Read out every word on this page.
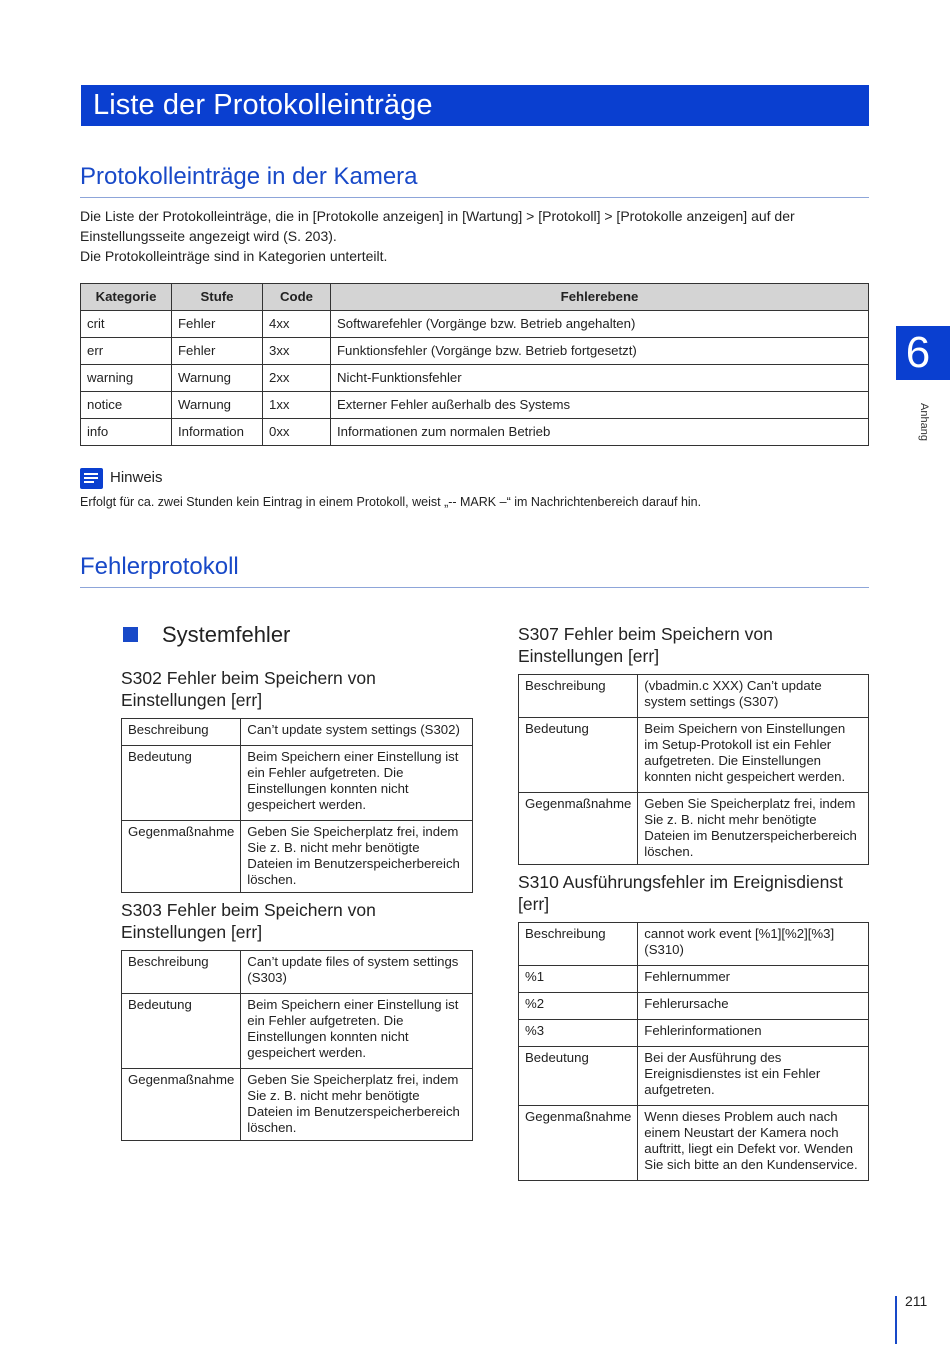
Liste der Protokolleinträge
Protokolleinträge in der Kamera
Die Liste der Protokolleinträge, die in [Protokolle anzeigen] in [Wartung] > [Protokoll] > [Protokolle anzeigen] auf der
Einstellungsseite angezeigt wird (S. 203).
Die Protokolleinträge sind in Kategorien unterteilt.
Kategorie	Stufe	Code	Fehlerebene
crit	Fehler	4xx	Softwarefehler (Vorgänge bzw. Betrieb angehalten)
err	Fehler	3xx	Funktionsfehler (Vorgänge bzw. Betrieb fortgesetzt)
warning	Warnung	2xx	Nicht-Funktionsfehler
notice	Warnung	1xx	Externer Fehler außerhalb des Systems
info	Information	0xx	Informationen zum normalen Betrieb
6
Anhang
Hinweis
Erfolgt für ca. zwei Stunden kein Eintrag in einem Protokoll, weist „-- MARK –“ im Nachrichtenbereich darauf hin.
Fehlerprotokoll
Systemfehler
S302 Fehler beim Speichern von
Einstellungen [err]
Beschreibung	Can’t update system settings (S302)
Bedeutung	Beim Speichern einer Einstellung ist ein Fehler aufgetreten. Die Einstellungen konnten nicht gespeichert werden.
Gegenmaßnahme	Geben Sie Speicherplatz frei, indem Sie z. B. nicht mehr benötigte Dateien im Benutzerspeicherbereich löschen.
S303 Fehler beim Speichern von
Einstellungen [err]
Beschreibung	Can’t update files of system settings (S303)
Bedeutung	Beim Speichern einer Einstellung ist ein Fehler aufgetreten. Die Einstellungen konnten nicht gespeichert werden.
Gegenmaßnahme	Geben Sie Speicherplatz frei, indem Sie z. B. nicht mehr benötigte Dateien im Benutzerspeicherbereich löschen.
S307 Fehler beim Speichern von
Einstellungen [err]
Beschreibung	(vbadmin.c XXX) Can’t update system settings (S307)
Bedeutung	Beim Speichern von Einstellungen im Setup-Protokoll ist ein Fehler aufgetreten. Die Einstellungen konnten nicht gespeichert werden.
Gegenmaßnahme	Geben Sie Speicherplatz frei, indem Sie z. B. nicht mehr benötigte Dateien im Benutzerspeicherbereich löschen.
S310 Ausführungsfehler im Ereignisdienst
[err]
Beschreibung	cannot work event [%1][%2][%3] (S310)
%1	Fehlernummer
%2	Fehlerursache
%3	Fehlerinformationen
Bedeutung	Bei der Ausführung des Ereignisdienstes ist ein Fehler aufgetreten.
Gegenmaßnahme	Wenn dieses Problem auch nach einem Neustart der Kamera noch auftritt, liegt ein Defekt vor. Wenden Sie sich bitte an den Kundenservice.
211
